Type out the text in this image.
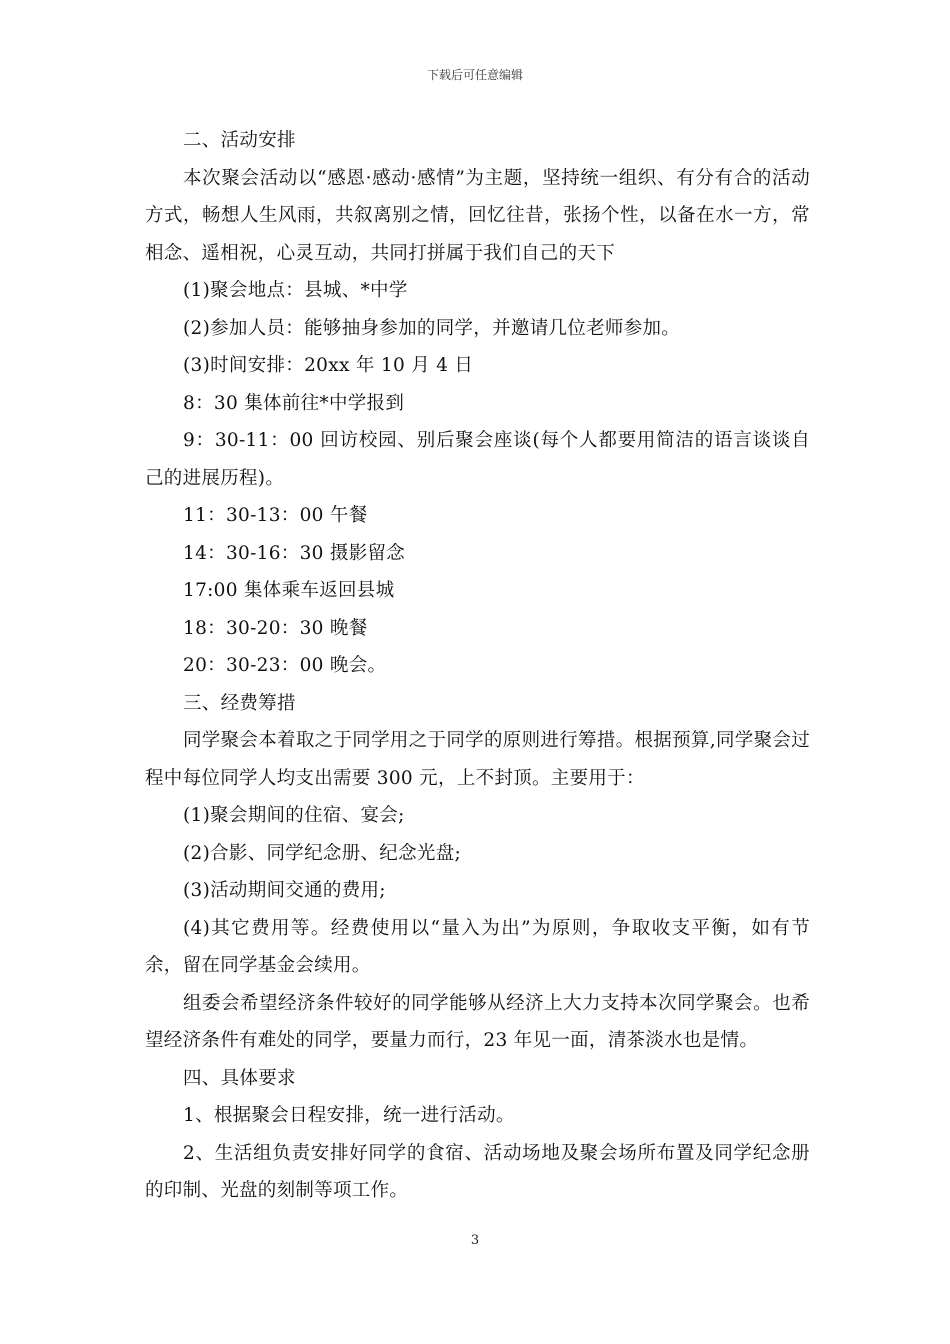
下载后可任意编辑

二、活动安排

本次聚会活动以“感恩·感动·感情”为主题，坚持统一组织、有分有合的活动方式，畅想人生风雨，共叙离别之情，回忆往昔，张扬个性，以备在水一方，常相念、遥相祝，心灵互动，共同打拼属于我们自己的天下

(1)聚会地点：县城、*中学

(2)参加人员：能够抽身参加的同学，并邀请几位老师参加。

(3)时间安排：20xx 年 10 月 4 日

8：30 集体前往*中学报到

9：30-11：00 回访校园、别后聚会座谈(每个人都要用简洁的语言谈谈自己的进展历程)。

11：30-13：00 午餐

14：30-16：30 摄影留念

17:00 集体乘车返回县城

18：30-20：30 晚餐

20：30-23：00 晚会。

三、经费筹措

同学聚会本着取之于同学用之于同学的原则进行筹措。根据预算,同学聚会过程中每位同学人均支出需要 300 元，上不封顶。主要用于：

(1)聚会期间的住宿、宴会;

(2)合影、同学纪念册、纪念光盘;

(3)活动期间交通的费用;

(4)其它费用等。经费使用以“量入为出”为原则，争取收支平衡，如有节余，留在同学基金会续用。

组委会希望经济条件较好的同学能够从经济上大力支持本次同学聚会。也希望经济条件有难处的同学，要量力而行，23 年见一面，清茶淡水也是情。

四、具体要求

1、根据聚会日程安排，统一进行活动。

2、生活组负责安排好同学的食宿、活动场地及聚会场所布置及同学纪念册的印制、光盘的刻制等项工作。

3
